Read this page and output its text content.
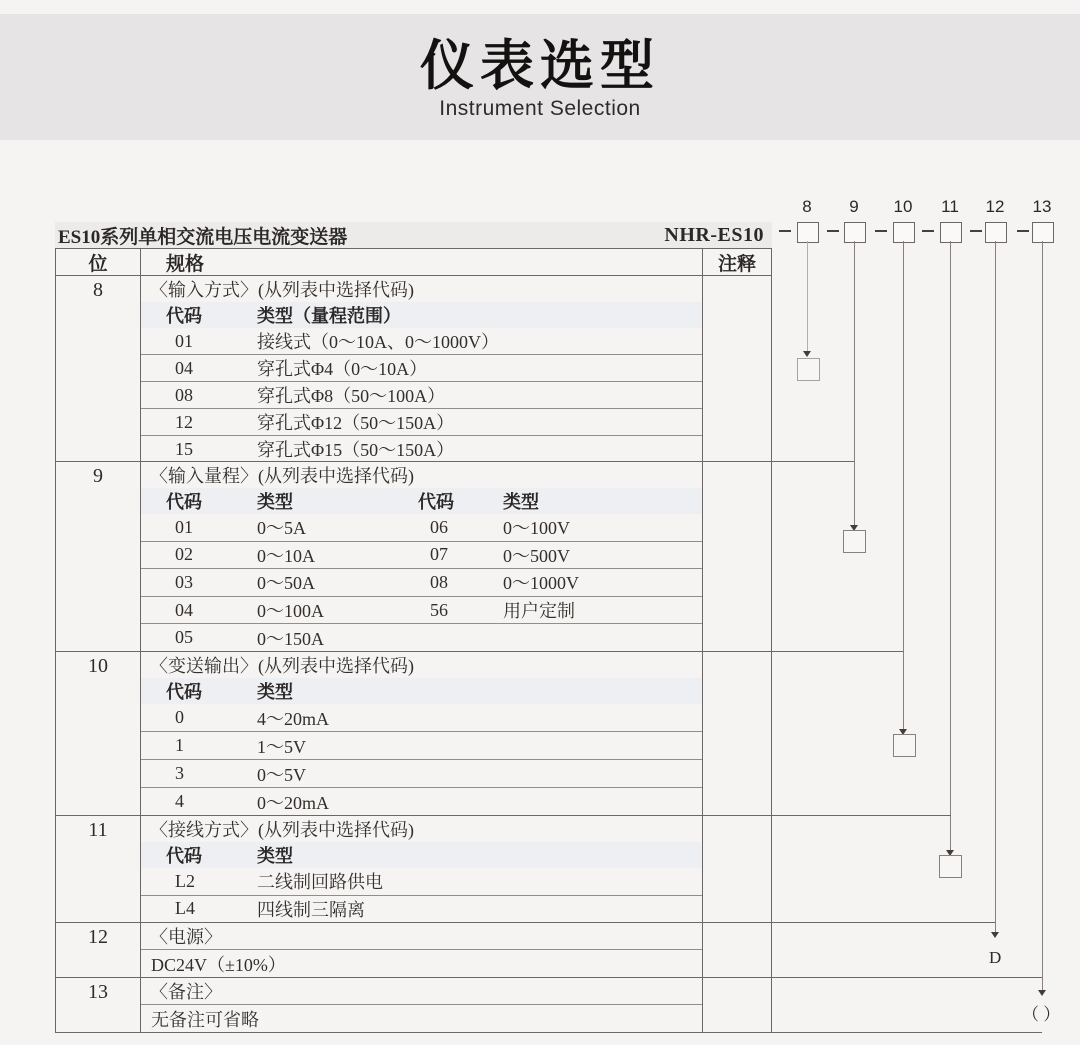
仪表选型
Instrument Selection
ES10系列单相交流电压电流变送器	NHR-ES10
位	规格	注释
8	〈输入方式〉(从列表中选择代码)
代码	类型（量程范围）
01	接线式（0～10A、0～1000V）
04	穿孔式Φ4（0～10A）
08	穿孔式Φ8（50～100A）
12	穿孔式Φ12（50～150A）
15	穿孔式Φ15（50～150A）
9	〈输入量程〉(从列表中选择代码)
代码	类型	代码	类型
01	0～5A	06	0～100V
02	0～10A	07	0～500V
03	0～50A	08	0～1000V
04	0～100A	56	用户定制
05	0～150A
10	〈变送输出〉(从列表中选择代码)
代码	类型
0	4～20mA
1	1～5V
3	0～5V
4	0～20mA
11	〈接线方式〉(从列表中选择代码)
代码	类型
L2	二线制回路供电
L4	四线制三隔离
12	〈电源〉
DC24V（±10%）
13	〈备注〉
无备注可省略
8	9	10	11	12	13
D
（ ）
